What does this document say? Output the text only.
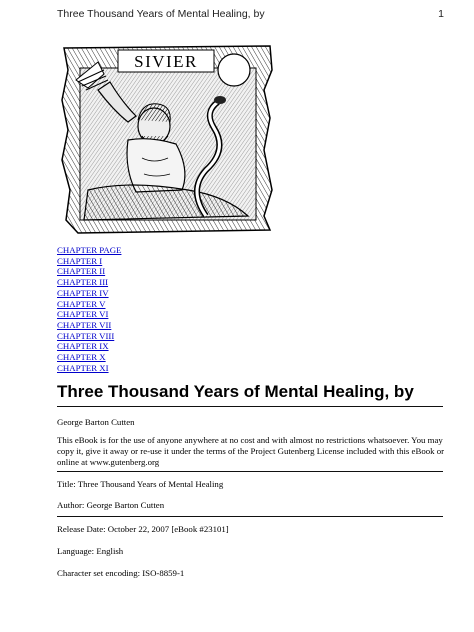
Three Thousand Years of Mental Healing, by	1
SIVIER
CHAPTER PAGE
CHAPTER I
CHAPTER II
CHAPTER III
CHAPTER IV
CHAPTER V
CHAPTER VI
CHAPTER VII
CHAPTER VIII
CHAPTER IX
CHAPTER X
CHAPTER XI
Three Thousand Years of Mental Healing, by

George Barton Cutten

This eBook is for the use of anyone anywhere at no cost and with almost no restrictions whatsoever. You may copy it, give it away or re-use it under the terms of the Project Gutenberg License included with this eBook or online at www.gutenberg.org

Title: Three Thousand Years of Mental Healing

Author: George Barton Cutten

Release Date: October 22, 2007 [eBook #23101]

Language: English

Character set encoding: ISO-8859-1
